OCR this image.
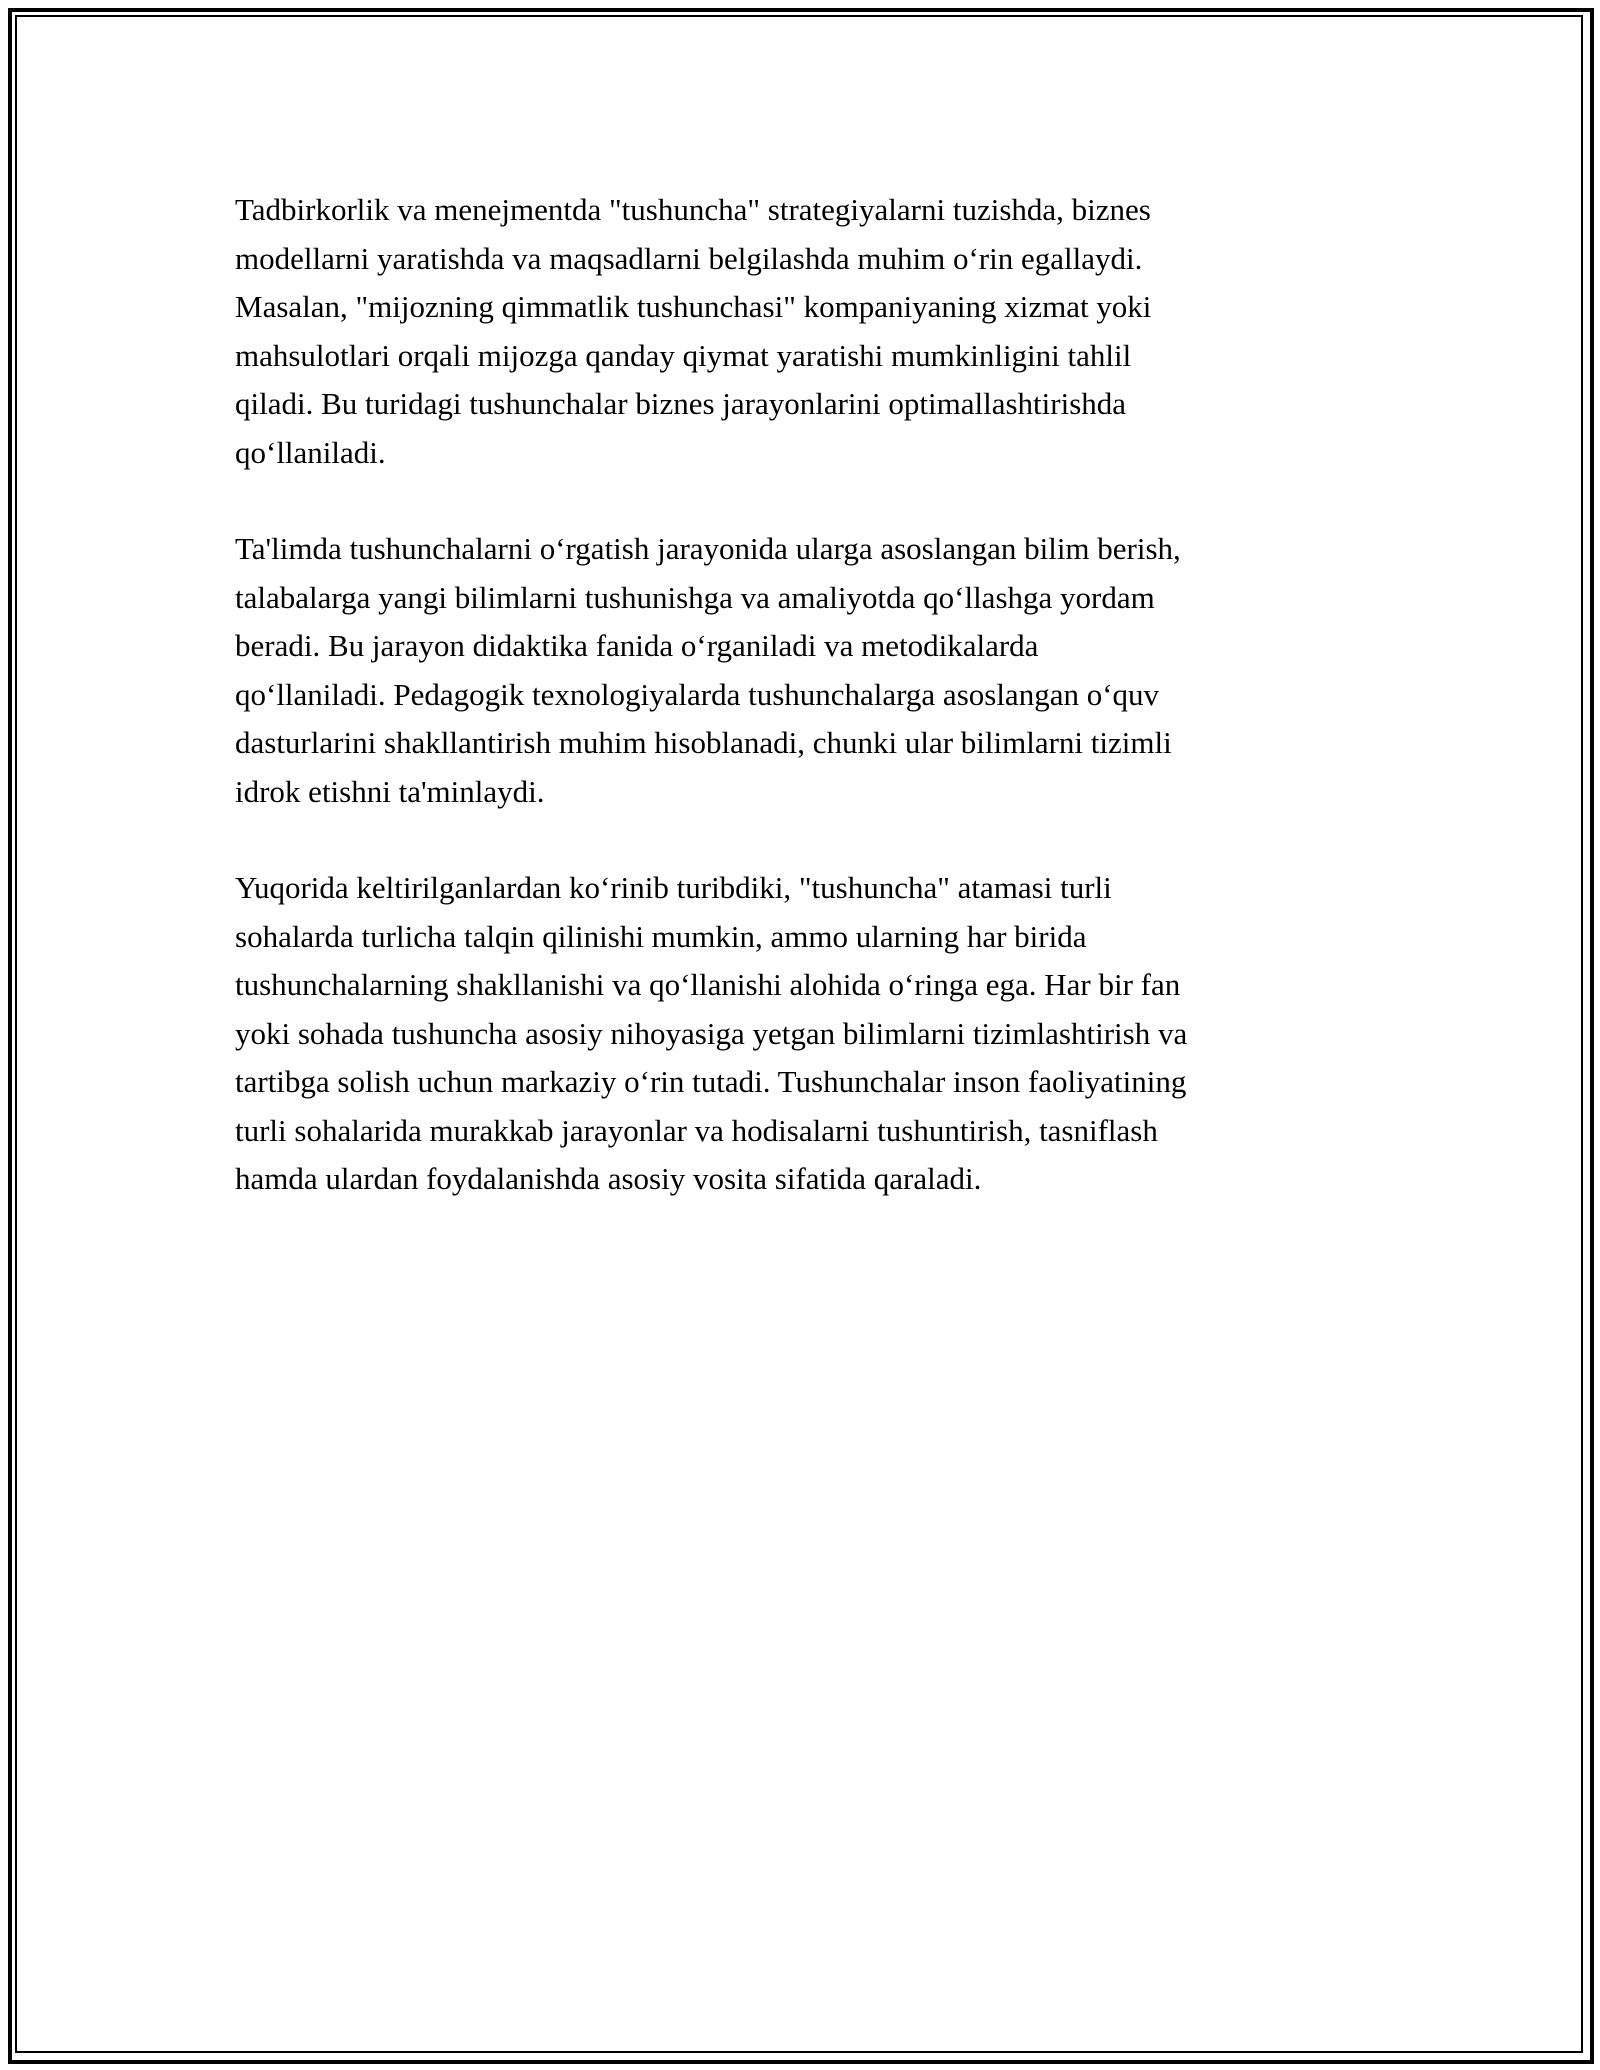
Tadbirkorlik va menejmentda "tushuncha" strategiyalarni tuzishda, biznes
modellarni yaratishda va maqsadlarni belgilashda muhim o‘rin egallaydi.
Masalan, "mijozning qimmatlik tushunchasi" kompaniyaning xizmat yoki
mahsulotlari orqali mijozga qanday qiymat yaratishi mumkinligini tahlil
qiladi. Bu turidagi tushunchalar biznes jarayonlarini optimallashtirishda
qo‘llaniladi.

Ta'limda tushunchalarni o‘rgatish jarayonida ularga asoslangan bilim berish,
talabalarga yangi bilimlarni tushunishga va amaliyotda qo‘llashga yordam
beradi. Bu jarayon didaktika fanida o‘rganiladi va metodikalarda
qo‘llaniladi. Pedagogik texnologiyalarda tushunchalarga asoslangan o‘quv
dasturlarini shakllantirish muhim hisoblanadi, chunki ular bilimlarni tizimli
idrok etishni ta'minlaydi.

Yuqorida keltirilganlardan ko‘rinib turibdiki, "tushuncha" atamasi turli
sohalarda turlicha talqin qilinishi mumkin, ammo ularning har birida
tushunchalarning shakllanishi va qo‘llanishi alohida o‘ringa ega. Har bir fan
yoki sohada tushuncha asosiy nihoyasiga yetgan bilimlarni tizimlashtirish va
tartibga solish uchun markaziy o‘rin tutadi. Tushunchalar inson faoliyatining
turli sohalarida murakkab jarayonlar va hodisalarni tushuntirish, tasniflash
hamda ulardan foydalanishda asosiy vosita sifatida qaraladi.
